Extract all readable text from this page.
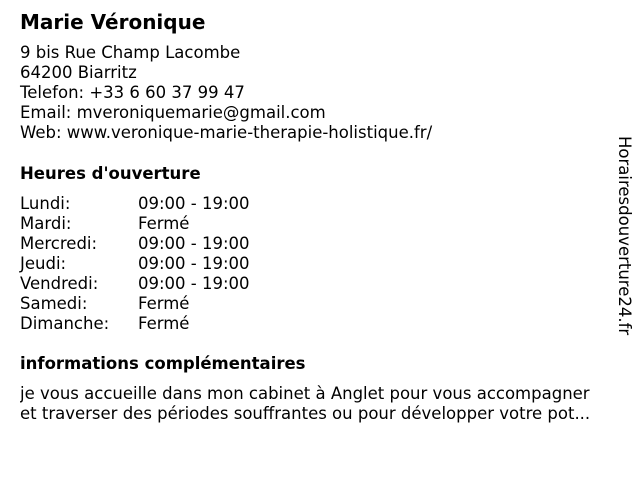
Marie Véronique
9 bis Rue Champ Lacombe
64200 Biarritz
Telefon: +33 6 60 37 99 47
Email: mveroniquemarie@gmail.com
Web: www.veronique-marie-therapie-holistique.fr/
Heures d'ouverture
Lundi:	09:00 - 19:00
Mardi:	Fermé
Mercredi: 09:00 - 19:00
Jeudi:	09:00 - 19:00
Vendredi: 09:00 - 19:00
Samedi:	Fermé
Dimanche: Fermé
informations complémentaires
je vous accueille dans mon cabinet à Anglet pour vous accompagner
et traverser des périodes souffrantes ou pour développer votre pot...
Horairesdouverture24.fr
